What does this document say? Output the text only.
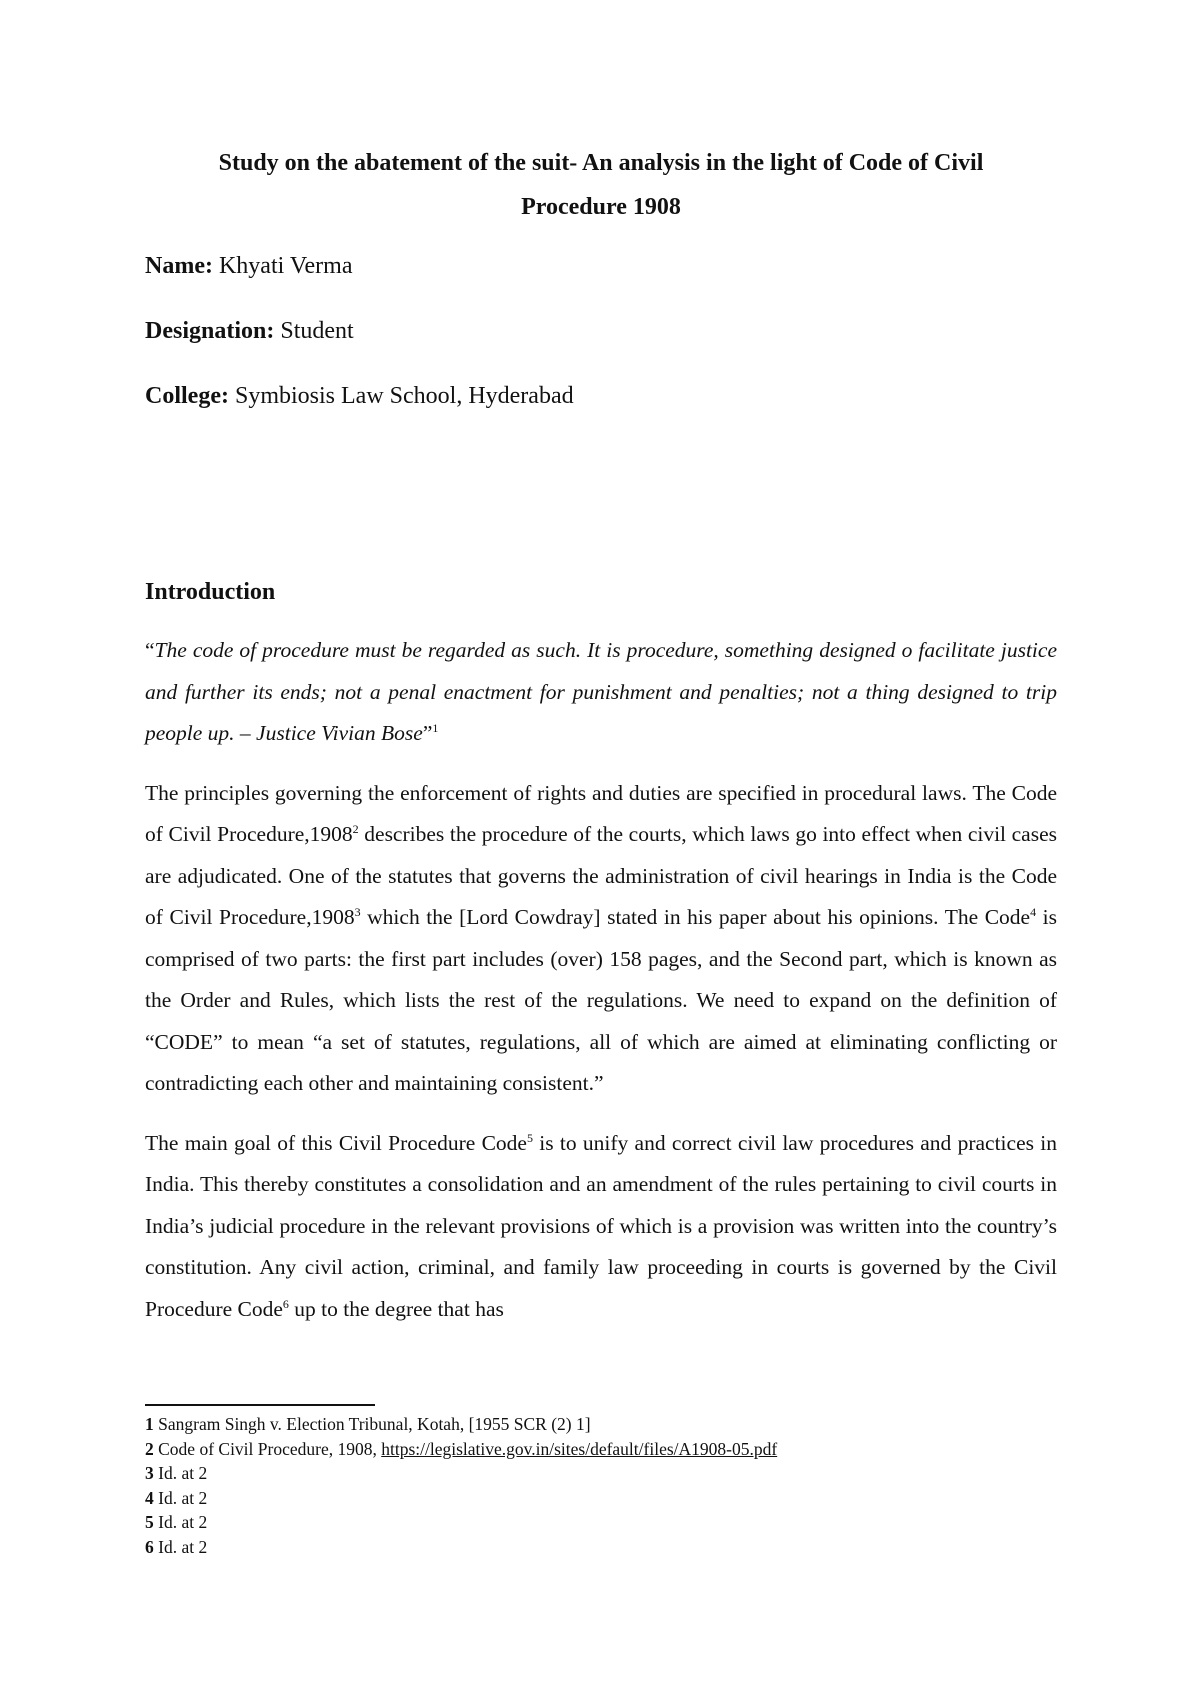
Study on the abatement of the suit- An analysis in the light of Code of Civil
Procedure 1908

Name: Khyati Verma

Designation: Student

College: Symbiosis Law School, Hyderabad

Introduction

“The code of procedure must be regarded as such. It is procedure, something designed o facilitate justice and further its ends; not a penal enactment for punishment and penalties; not a thing designed to trip people up. – Justice Vivian Bose”$^1$

The principles governing the enforcement of rights and duties are specified in procedural laws. The Code of Civil Procedure,1908$^2$ describes the procedure of the courts, which laws go into effect when civil cases are adjudicated. One of the statutes that governs the administration of civil hearings in India is the Code of Civil Procedure,1908$^3$ which the [Lord Cowdray] stated in his paper about his opinions. The Code$^4$ is comprised of two parts: the first part includes (over) 158 pages, and the Second part, which is known as the Order and Rules, which lists the rest of the regulations. We need to expand on the definition of “CODE” to mean “a set of statutes, regulations, all of which are aimed at eliminating conflicting or contradicting each other and maintaining consistent.”

The main goal of this Civil Procedure Code$^5$ is to unify and correct civil law procedures and practices in India. This thereby constitutes a consolidation and an amendment of the rules pertaining to civil courts in India’s judicial procedure in the relevant provisions of which is a provision was written into the country’s constitution. Any civil action, criminal, and family law proceeding in courts is governed by the Civil Procedure Code$^6$ up to the degree that has

1 Sangram Singh v. Election Tribunal, Kotah, [1955 SCR (2) 1]

2 Code of Civil Procedure, 1908, https://legislative.gov.in/sites/default/files/A1908-05.pdf

3 Id. at 2

4 Id. at 2

5 Id. at 2

6 Id. at 2
